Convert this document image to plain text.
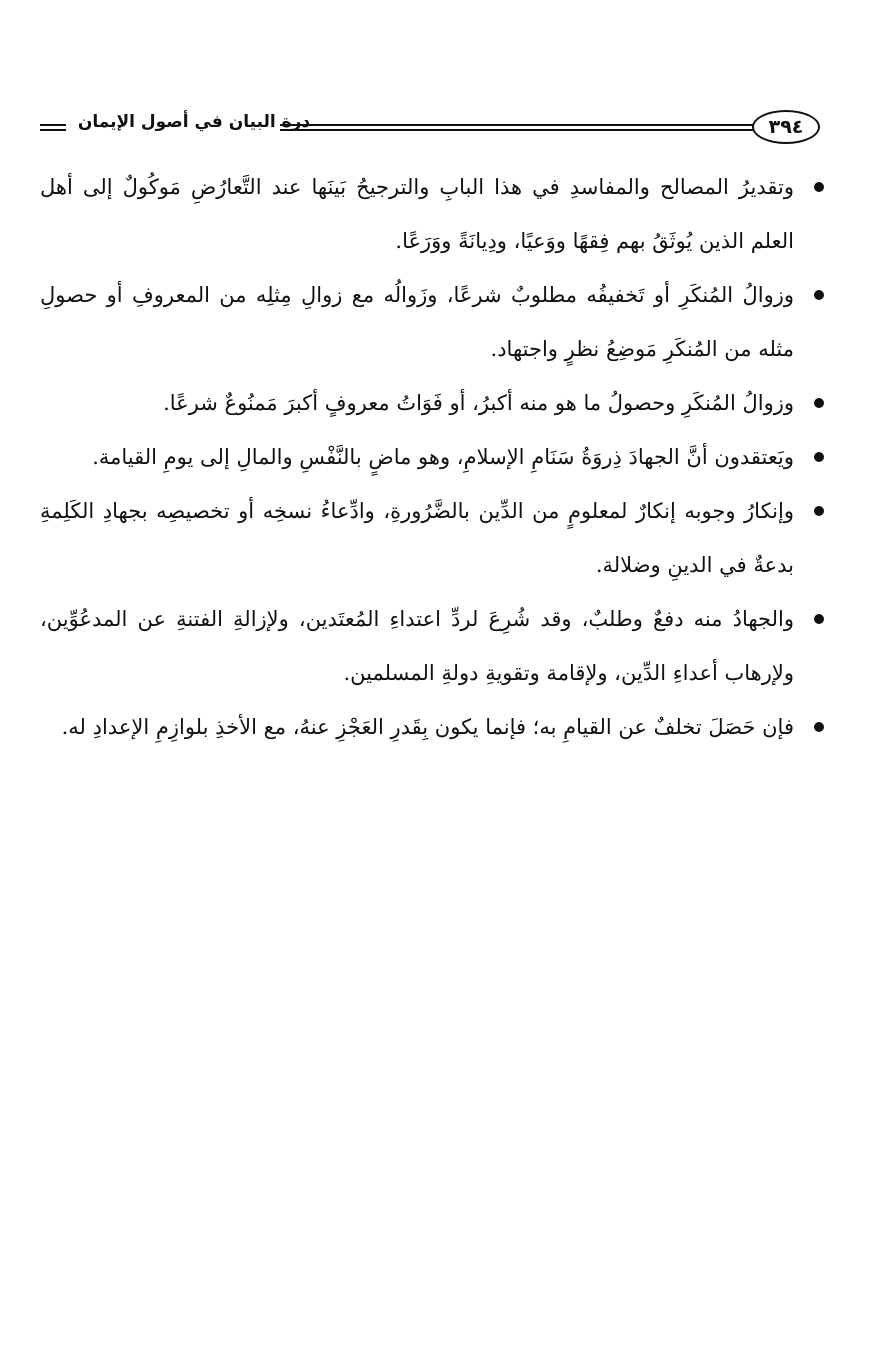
درة البيان في أصول الإيمان	٣٩٤

وتقديرُ المصالح والمفاسدِ في هذا البابِ والترجيحُ بَينَها عند التَّعارُضِ مَوكُولٌ إلى أهل العلم الذين يُوثَقُ بهم فِقهًا ووَعيًا، ودِيانَةً ووَرَعًا.

وزوالُ المُنكَرِ أو تَخفيفُه مطلوبٌ شرعًا، وزَوالُه مع زوالِ مِثلِه من المعروفِ أو حصولِ مثله من المُنكَرِ مَوضِعُ نظرٍ واجتهاد.

وزوالُ المُنكَرِ وحصولُ ما هو منه أكبرُ، أو فَوَاتُ معروفٍ أكبرَ مَمنُوعٌ شرعًا.

ويَعتقدون أنَّ الجهادَ ذِروَةُ سَنَامِ الإسلامِ، وهو ماضٍ بالنَّفْسِ والمالِ إلى يومِ القيامة.

وإنكارُ وجوبه إنكارٌ لمعلومٍ من الدِّين بالضَّرُورةِ، وادِّعاءُ نسخِه أو تخصيصِه بجهادِ الكَلِمةِ بدعةٌ في الدينِ وضلالة.

والجهادُ منه دفعٌ وطلبٌ، وقد شُرِعَ لردِّ اعتداءِ المُعتَدين، ولإزالةِ الفتنةِ عن المدعُوِّين، ولإرهاب أعداءِ الدِّين، ولإقامة وتقويةِ دولةِ المسلمين.

فإن حَصَلَ تخلفٌ عن القيامِ به؛ فإنما يكون بِقَدرِ العَجْزِ عنهُ، مع الأخذِ بلوازِمِ الإعدادِ له.
